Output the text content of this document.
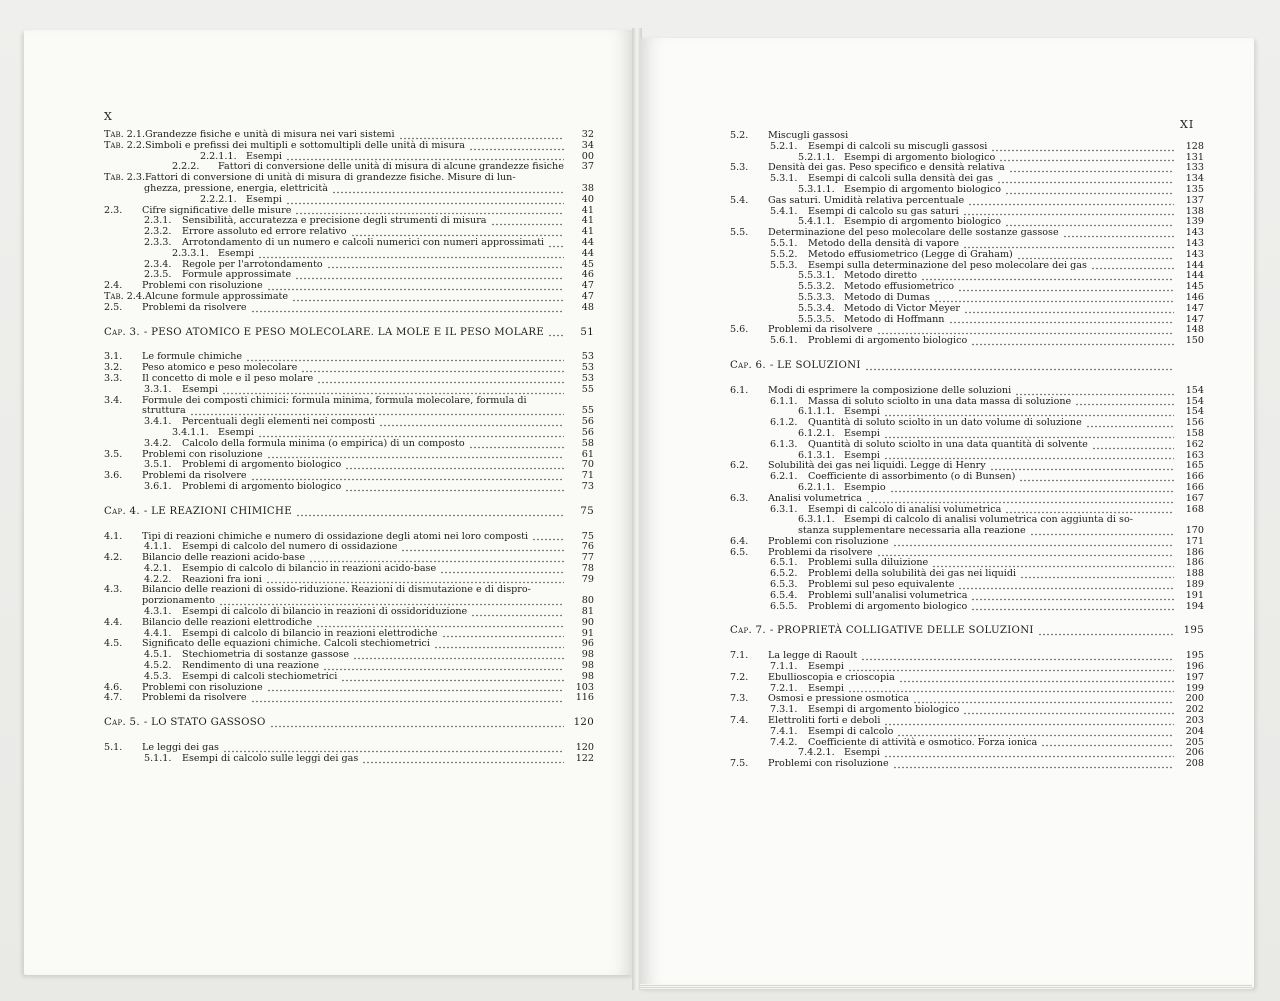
X
Tab. 2.1.Grandezze fisiche e unità di misura nei vari sistemi	32
Tab. 2.2.Simboli e prefissi dei multipli e sottomultipli delle unità di misura	34
2.2.1.1. Esempi	00
2.2.2. Fattori di conversione delle unità di misura di alcune grandezze fisiche	37
Tab. 2.3.Fattori di conversione di unità di misura di grandezze fisiche. Misure di lun-
ghezza, pressione, energia, elettricità	38
2.2.2.1. Esempi	40
2.3. Cifre significative delle misure	41
2.3.1. Sensibilità, accuratezza e precisione degli strumenti di misura	41
2.3.2. Errore assoluto ed errore relativo	41
2.3.3. Arrotondamento di un numero e calcoli numerici con numeri approssimati	44
2.3.3.1. Esempi	44
2.3.4. Regole per l'arrotondamento	45
2.3.5. Formule approssimate	46
2.4. Problemi con risoluzione	47
Tab. 2.4.Alcune formule approssimate	47
2.5. Problemi da risolvere	48
Cap. 3. - PESO ATOMICO E PESO MOLECOLARE. LA MOLE E IL PESO MOLARE	51
3.1. Le formule chimiche	53
3.2. Peso atomico e peso molecolare	53
3.3. Il concetto di mole e il peso molare	53
3.3.1. Esempi	55
3.4. Formule dei composti chimici: formula minima, formula molecolare, formula di
struttura	55
3.4.1. Percentuali degli elementi nei composti	56
3.4.1.1. Esempi	56
3.4.2. Calcolo della formula minima (o empirica) di un composto	58
3.5. Problemi con risoluzione	61
3.5.1. Problemi di argomento biologico	70
3.6. Problemi da risolvere	71
3.6.1. Problemi di argomento biologico	73
Cap. 4. - LE REAZIONI CHIMICHE	75
4.1. Tipi di reazioni chimiche e numero di ossidazione degli atomi nei loro composti	75
4.1.1. Esempi di calcolo del numero di ossidazione	76
4.2. Bilancio delle reazioni acido-base	77
4.2.1. Esempio di calcolo di bilancio in reazioni acido-base	78
4.2.2. Reazioni fra ioni	79
4.3. Bilancio delle reazioni di ossido-riduzione. Reazioni di dismutazione e di dispro-
porzionamento	80
4.3.1. Esempi di calcolo di bilancio in reazioni di ossidoriduzione	81
4.4. Bilancio delle reazioni elettrodiche	90
4.4.1. Esempi di calcolo di bilancio in reazioni elettrodiche	91
4.5. Significato delle equazioni chimiche. Calcoli stechiometrici	96
4.5.1. Stechiometria di sostanze gassose	98
4.5.2. Rendimento di una reazione	98
4.5.3. Esempi di calcoli stechiometrici	98
4.6. Problemi con risoluzione	103
4.7. Problemi da risolvere	116
Cap. 5. - LO STATO GASSOSO	120
5.1. Le leggi dei gas	120
5.1.1. Esempi di calcolo sulle leggi dei gas	122
XI
5.2. Miscugli gassosi
5.2.1. Esempi di calcoli su miscugli gassosi	128
5.2.1.1. Esempi di argomento biologico	131
5.3. Densità dei gas. Peso specifico e densità relativa	133
5.3.1. Esempi di calcoli sulla densità dei gas	134
5.3.1.1. Esempio di argomento biologico	135
5.4. Gas saturi. Umidità relativa percentuale	137
5.4.1. Esempi di calcolo su gas saturi	138
5.4.1.1. Esempio di argomento biologico	139
5.5. Determinazione del peso molecolare delle sostanze gassose	143
5.5.1. Metodo della densità di vapore	143
5.5.2. Metodo effusiometrico (Legge di Graham)	143
5.5.3. Esempi sulla determinazione del peso molecolare dei gas	144
5.5.3.1. Metodo diretto	144
5.5.3.2. Metodo effusiometrico	145
5.5.3.3. Metodo di Dumas	146
5.5.3.4. Metodo di Victor Meyer	147
5.5.3.5. Metodo di Hoffmann	147
5.6. Problemi da risolvere	148
5.6.1. Problemi di argomento biologico	150
Cap. 6. - LE SOLUZIONI
6.1. Modi di esprimere la composizione delle soluzioni	154
6.1.1. Massa di soluto sciolto in una data massa di soluzione	154
6.1.1.1. Esempi	154
6.1.2. Quantità di soluto sciolto in un dato volume di soluzione	156
6.1.2.1. Esempi	158
6.1.3. Quantità di soluto sciolto in una data quantità di solvente	162
6.1.3.1. Esempi	163
6.2. Solubilità dei gas nei liquidi. Legge di Henry	165
6.2.1. Coefficiente di assorbimento (o di Bunsen)	166
6.2.1.1. Esempio	166
6.3. Analisi volumetrica	167
6.3.1. Esempi di calcolo di analisi volumetrica	168
6.3.1.1. Esempi di calcolo di analisi volumetrica con aggiunta di so-
stanza supplementare necessaria alla reazione	170
6.4. Problemi con risoluzione	171
6.5. Problemi da risolvere	186
6.5.1. Problemi sulla diluizione	186
6.5.2. Problemi della solubilità dei gas nei liquidi	188
6.5.3. Problemi sul peso equivalente	189
6.5.4. Problemi sull'analisi volumetrica	191
6.5.5. Problemi di argomento biologico	194
Cap. 7. - PROPRIETÀ COLLIGATIVE DELLE SOLUZIONI	195
7.1. La legge di Raoult	195
7.1.1. Esempi	196
7.2. Ebullioscopia e crioscopia	197
7.2.1. Esempi	199
7.3. Osmosi e pressione osmotica	200
7.3.1. Esempi di argomento biologico	202
7.4. Elettroliti forti e deboli	203
7.4.1. Esempi di calcolo	204
7.4.2. Coefficiente di attività e osmotico. Forza ionica	205
7.4.2.1. Esempi	206
7.5. Problemi con risoluzione	208
